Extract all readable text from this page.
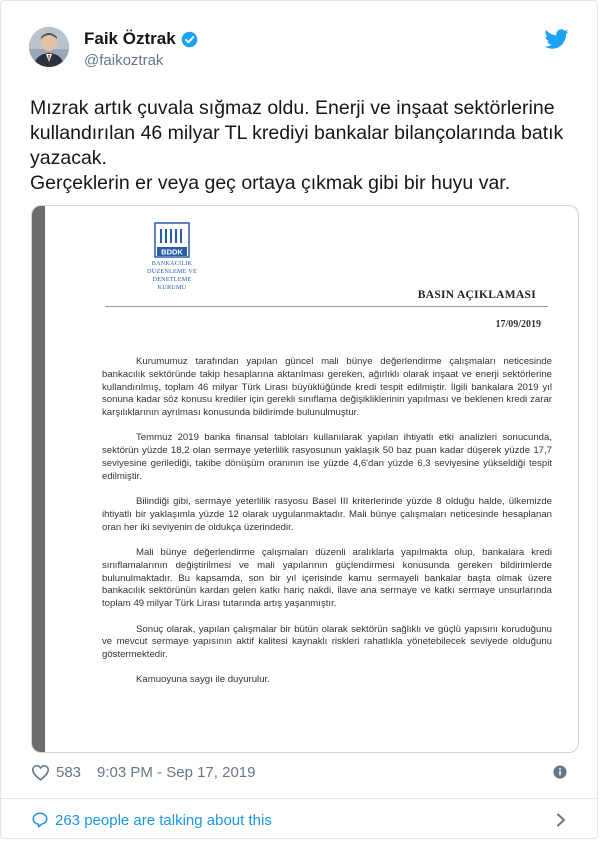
Faik Öztrak
@faikoztrak

Mızrak artık çuvala sığmaz oldu. Enerji ve inşaat sektörlerine kullandırılan 46 milyar TL krediyi bankalar bilançolarında batık yazacak.

Gerçeklerin er veya geç ortaya çıkmak gibi bir huyu var.

BDDK
BANKACILIK
DÜZENLEME VE DENETLEME
KURUMU
BASIN AÇIKLAMASI
17/09/2019

Kurumumuz tarafından yapılan güncel mali bünye değerlendirme çalışmaları neticesinde bankacılık sektöründe takip hesaplarına aktarılması gereken, ağırlıklı olarak inşaat ve enerji sektörlerine kullandırılmış, toplam 46 milyar Türk Lirası büyüklüğünde kredi tespit edilmiştir. İlgili bankalara 2019 yıl sonuna kadar söz konusu krediler için gerekli sınıflama değişikliklerinin yapılması ve beklenen kredi zarar karşılıklarının ayrılması konusunda bildirimde bulunulmuştur.

Temmuz 2019 banka finansal tabloları kullanılarak yapılan ihtiyatlı etki analizleri sonucunda, sektörün yüzde 18,2 olan sermaye yeterlilik rasyosunun yaklaşık 50 baz puan kadar düşerek yüzde 17,7 seviyesine gerilediği, takibe dönüşüm oranının ise yüzde 4,6'dan yüzde 6,3 seviyesine yükseldiği tespit edilmiştir.

Bilindiği gibi, sermaye yeterlilik rasyosu Basel III kriterlerinde yüzde 8 olduğu halde, ülkemizde ihtiyatlı bir yaklaşımla yüzde 12 olarak uygulanmaktadır. Mali bünye çalışmaları neticesinde hesaplanan oran her iki seviyenin de oldukça üzerindedir.

Mali bünye değerlendirme çalışmaları düzenli aralıklarla yapılmakta olup, bankalara kredi sınıflamalarının değiştirilmesi ve mali yapılarının güçlendirmesi konusunda gereken bildirimlerde bulunulmaktadır. Bu kapsamda, son bir yıl içerisinde kamu sermayeli bankalar başta olmak üzere bankacılık sektörünün kardan gelen katkı hariç nakdi, ilave ana sermaye ve katkı sermaye unsurlarında toplam 49 milyar Türk Lirası tutarında artış yaşanmıştır.

Sonuç olarak, yapılan çalışmalar bir bütün olarak sektörün sağlıklı ve güçlü yapısını koruduğunu ve mevcut sermaye yapısının aktif kalitesi kaynaklı riskleri rahatlıkla yönetebilecek seviyede olduğunu göstermektedir.

Kamuoyuna saygı ile duyurulur.

583 9:03 PM - Sep 17, 2019
263 people are talking about this
